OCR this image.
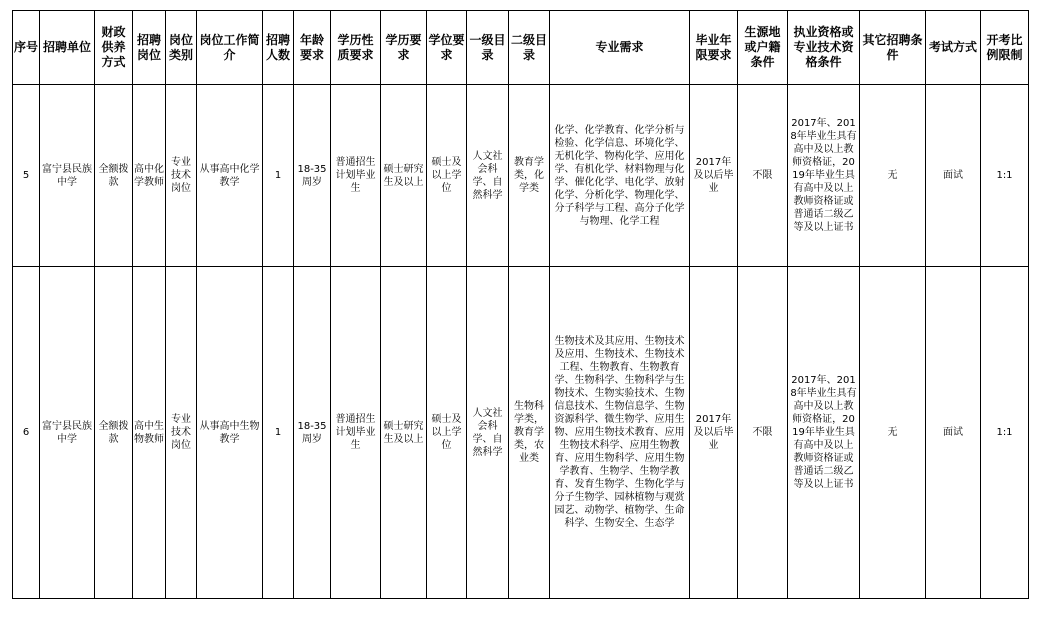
序号	招聘单位	财政供养方式	招聘岗位	岗位类别	岗位工作简介	招聘人数	年龄要求	学历性质要求	学历要求	学位要求	一级目录	二级目录	专业需求	毕业年限要求	生源地或户籍条件	执业资格或专业技术资格条件	其它招聘条件	考试方式	开考比例限制
5	富宁县民族中学	全额拨款	高中化学教师	专业技术岗位	从事高中化学教学	1	18-35周岁	普通招生计划毕业生	硕士研究生及以上	硕士及以上学位	人文社会科学、自然科学	教育学类，化学类	化学、化学教育、化学分析与检验、化学信息、环境化学、无机化学、物构化学、应用化学、有机化学、材料物理与化学、催化化学、电化学、放射化学、分析化学、物理化学、分子科学与工程、高分子化学与物理、化学工程	2017年及以后毕业	不限	2017年、2018年毕业生具有高中及以上教师资格证，2019年毕业生具有高中及以上教师资格证或普通话二级乙等及以上证书	无	面试	1:1
6	富宁县民族中学	全额拨款	高中生物教师	专业技术岗位	从事高中生物教学	1	18-35周岁	普通招生计划毕业生	硕士研究生及以上	硕士及以上学位	人文社会科学、自然科学	生物科学类，教育学类，农业类	生物技术及其应用、生物技术及应用、生物技术、生物技术工程、生物教育、生物教育学、生物科学、生物科学与生物技术、生物实验技术、生物信息技术、生物信息学、生物资源科学、微生物学、应用生物、应用生物技术教育、应用生物技术科学、应用生物教育、应用生物科学、应用生物学教育、生物学、生物学教育、发育生物学、生物化学与分子生物学、园林植物与观赏园艺、动物学、植物学、生命科学、生物安全、生态学	2017年及以后毕业	不限	2017年、2018年毕业生具有高中及以上教师资格证，2019年毕业生具有高中及以上教师资格证或普通话二级乙等及以上证书	无	面试	1:1
